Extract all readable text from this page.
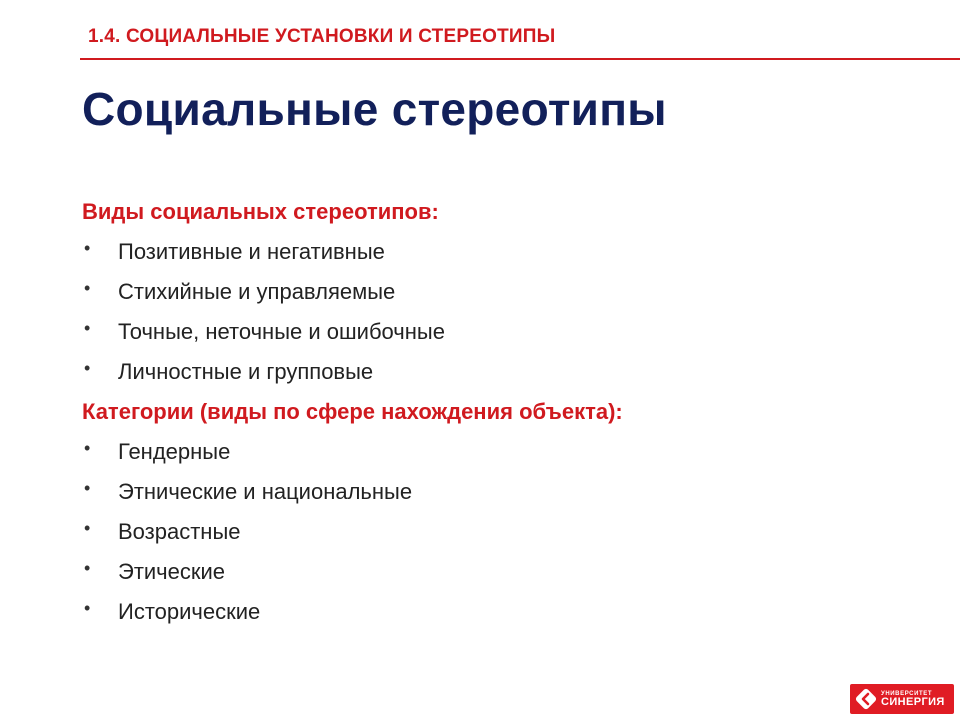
1.4. СОЦИАЛЬНЫЕ УСТАНОВКИ И СТЕРЕОТИПЫ
Социальные стереотипы
Виды социальных стереотипов:
• Позитивные и негативные
• Стихийные и управляемые
• Точные, неточные и ошибочные
• Личностные и групповые
Категории (виды по сфере нахождения объекта):
• Гендерные
• Этнические и национальные
• Возрастные
• Этические
• Исторические
УНИВЕРСИТЕТ
СИНЕРГИЯ
